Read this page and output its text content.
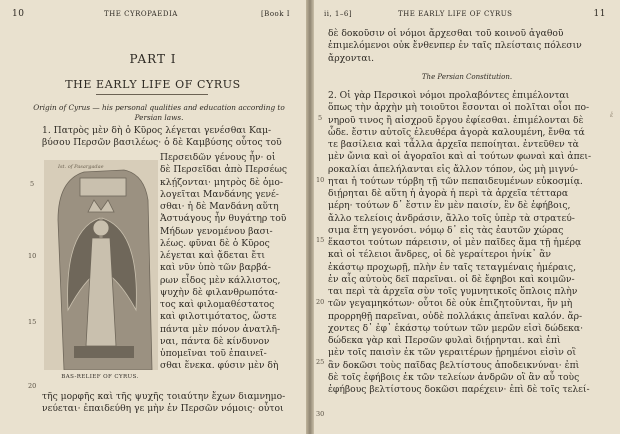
10	THE CYROPAEDIA	[Book I
PART I
THE EARLY LIFE OF CYRUS
Origin of Cyrus — his personal qualities and education according to Persian laws.
1. Πατρὸς μὲν δὴ ὁ Κῦρος λέγεται γενέσθαι Καμ-
βύσου Περσῶν βασιλέως· ὁ δὲ Καμβύσης οὗτος τοῦ
5
10
15
20
Ist. of Pasargadae
BAS-RELIEF OF CYRUS.
Περσειδῶν γένους ἦν· οἱ
δὲ Περσεῖδαι ἀπὸ Περσέως
κλῄζονται· μητρὸς δὲ ὁμο-
λογεῖται Μανδάνης γενέ-
σθαι· ἡ δὲ Μανδάνη αὕτη
Ἀστυάγους ἦν θυγάτηρ τοῦ
Μήδων γενομένου βασι-
λέως. φῦναι δὲ ὁ Κῦρος
λέγεται καὶ ᾄδεται ἔτι
καὶ νῦν ὑπὸ τῶν βαρβά-
ρων εἶδος μὲν κάλλιστος,
ψυχὴν δὲ φιλανθρωπότα-
τος καὶ φιλομαθέστατος
καὶ φιλοτιμότατος, ὥστε
πάντα μὲν πόνον ἀνατλῆ-
ναι, πάντα δὲ κίνδυνον
ὑπομεῖναι τοῦ ἐπαινεῖ-
σθαι ἕνεκα. φύσιν μὲν δὴ
τῆς μορφῆς καὶ τῆς ψυχῆς τοιαύτην ἔχων διαμνημο-
νεύεται· ἐπαιδεύθη γε μὴν ἐν Περσῶν νόμοις· οὗτοι
ii, 1–6]	THE EARLY LIFE OF CYRUS	11
δὲ δοκοῦσιν οἱ νόμοι ἄρχεσθαι τοῦ κοινοῦ ἀγαθοῦ
ἐπιμελόμενοι οὐκ ἔνθενπερ ἐν ταῖς πλείσταις πόλεσιν
ἄρχονται.
The Persian Constitution.
2. Οἱ γὰρ Περσικοὶ νόμοι προλαβόντες ἐπιμέλονται
ὅπως τὴν ἀρχὴν μὴ τοιοῦτοι ἔσονται οἱ πολῖται οἷοι πο-
νηροῦ τινος ἢ αἰσχροῦ ἔργου ἐφίεσθαι. ἐπιμέλονται δὲ
ὧδε. ἔστιν αὐτοῖς ἐλευθέρα ἀγορὰ καλουμένη, ἔνθα τά
τε βασίλεια καὶ τἆλλα ἀρχεῖα πεποίηται. ἐντεῦθεν τὰ
μὲν ὤνια καὶ οἱ ἀγοραῖοι καὶ αἱ τούτων φωναὶ καὶ ἀπει-
ροκαλίαι ἀπελήλανται εἰς ἄλλον τόπον, ὡς μὴ μιγνύ-
ηται ἡ τούτων τύρβη τῇ τῶν πεπαιδευμένων εὐκοσμίᾳ.
διῄρηται δὲ αὕτη ἡ ἀγορὰ ἡ περὶ τὰ ἀρχεῖα τέτταρα
μέρη· τούτων δ᾽ ἔστιν ἓν μὲν παισίν, ἓν δὲ ἐφήβοις,
ἄλλο τελείοις ἀνδράσιν, ἄλλο τοῖς ὑπὲρ τὰ στρατεύ-
σιμα ἔτη γεγονόσι. νόμῳ δ᾽ εἰς τὰς ἑαυτῶν χώρας
ἕκαστοι τούτων πάρεισιν, οἱ μὲν παῖδες ἅμα τῇ ἡμέρᾳ
καὶ οἱ τέλειοι ἄνδρες, οἱ δὲ γεραίτεροι ἡνίκ᾽ ἂν
ἑκάστῳ προχωρῇ, πλὴν ἐν ταῖς τεταγμέναις ἡμέραις,
ἐν αἷς αὐτοὺς δεῖ παρεῖναι. οἱ δὲ ἔφηβοι καὶ κοιμῶν-
ται περὶ τὰ ἀρχεῖα σὺν τοῖς γυμνητικοῖς ὅπλοις πλὴν
τῶν γεγαμηκότων· οὗτοι δὲ οὐκ ἐπιζητοῦνται, ἢν μὴ
προρρηθῇ παρεῖναι, οὐδὲ πολλάκις ἀπεῖναι καλόν. ἄρ-
χοντες δ᾽ ἐφ᾽ ἑκάστῳ τούτων τῶν μερῶν εἰσὶ δώδεκα·
δώδεκα γὰρ καὶ Περσῶν φυλαὶ διῄρηνται. καὶ ἐπὶ
μὲν τοῖς παισὶν ἐκ τῶν γεραιτέρων ᾑρημένοι εἰσὶν οἳ
ἂν δοκῶσι τοὺς παῖδας βελτίστους ἀποδεικνύναι· ἐπὶ
δὲ τοῖς ἐφήβοις ἐκ τῶν τελείων ἀνδρῶν οἳ ἂν αὖ τοὺς
ἐφήβους βελτίστους δοκῶσι παρέχειν· ἐπὶ δὲ τοῖς τελεί-
5
10
15
20
25
30
ἑ
